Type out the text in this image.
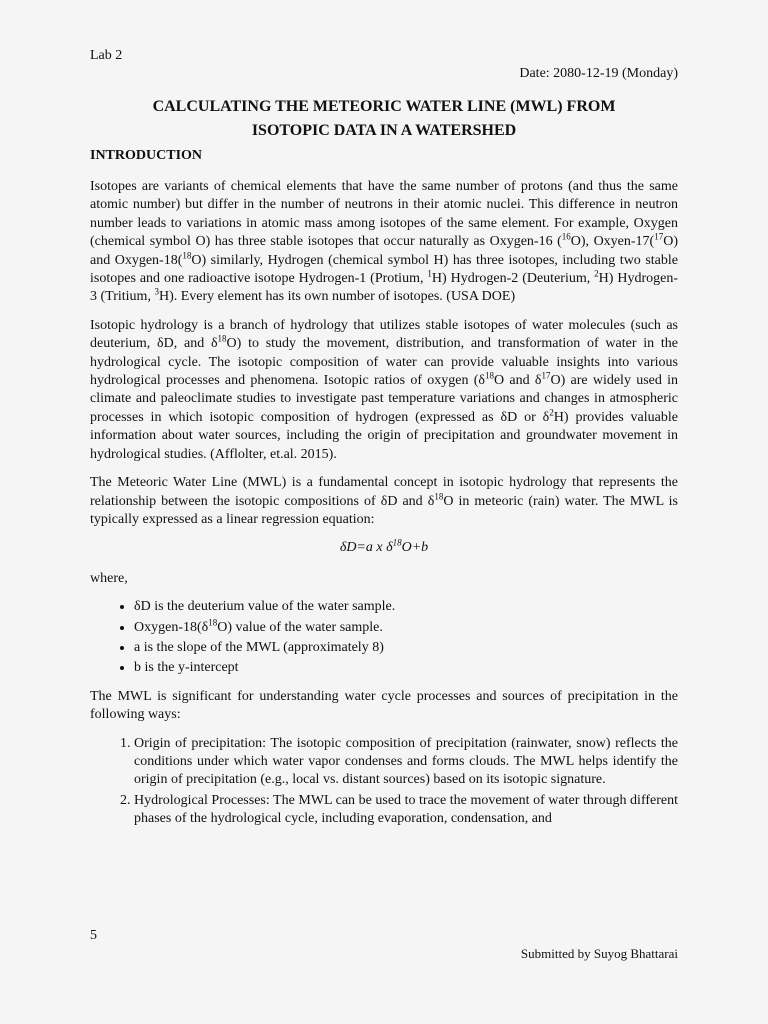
Lab 2
Date: 2080-12-19 (Monday)
CALCULATING THE METEORIC WATER LINE (MWL) FROM
ISOTOPIC DATA IN A WATERSHED
INTRODUCTION

Isotopes are variants of chemical elements that have the same number of protons (and thus the same atomic number) but differ in the number of neutrons in their atomic nuclei. This difference in neutron number leads to variations in atomic mass among isotopes of the same element. For example, Oxygen (chemical symbol O) has three stable isotopes that occur naturally as Oxygen-16 ($^{16}$O), Oxyen-17($^{17}$O) and Oxygen-18($^{18}$O) similarly, Hydrogen (chemical symbol H) has three isotopes, including two stable isotopes and one radioactive isotope Hydrogen-1 (Protium, $^1$H) Hydrogen-2 (Deuterium, $^2$H) Hydrogen-3 (Tritium, $^3$H). Every element has its own number of isotopes. (USA DOE)

Isotopic hydrology is a branch of hydrology that utilizes stable isotopes of water molecules (such as deuterium, δD, and $\delta^{18}O$) to study the movement, distribution, and transformation of water in the hydrological cycle. The isotopic composition of water can provide valuable insights into various hydrological processes and phenomena. Isotopic ratios of oxygen ($\delta^{18}O$ and $\delta^{17}O$) are widely used in climate and paleoclimate studies to investigate past temperature variations and changes in atmospheric processes in which isotopic composition of hydrogen (expressed as δD or $\delta^2H$) provides valuable information about water sources, including the origin of precipitation and groundwater movement in hydrological studies. (Afflolter, et.al. 2015).

The Meteoric Water Line (MWL) is a fundamental concept in isotopic hydrology that represents the relationship between the isotopic compositions of δD and $\delta^{18}O$ in meteoric (rain) water. The MWL is typically expressed as a linear regression equation:

δD=a x $\delta^{18}O+b$

where,

• δD is the deuterium value of the water sample.
• Oxygen-$18(\delta^{18}O)$ value of the water sample.
• a is the slope of the MWL (approximately 8)
• b is the y-intercept

The MWL is significant for understanding water cycle processes and sources of precipitation in the following ways:

1. Origin of precipitation: The isotopic composition of precipitation (rainwater, snow) reflects the conditions under which water vapor condenses and forms clouds. The MWL helps identify the origin of precipitation (e.g., local vs. distant sources) based on its isotopic signature.
2. Hydrological Processes: The MWL can be used to trace the movement of water through different phases of the hydrological cycle, including evaporation, condensation, and
5
Submitted by Suyog Bhattarai
